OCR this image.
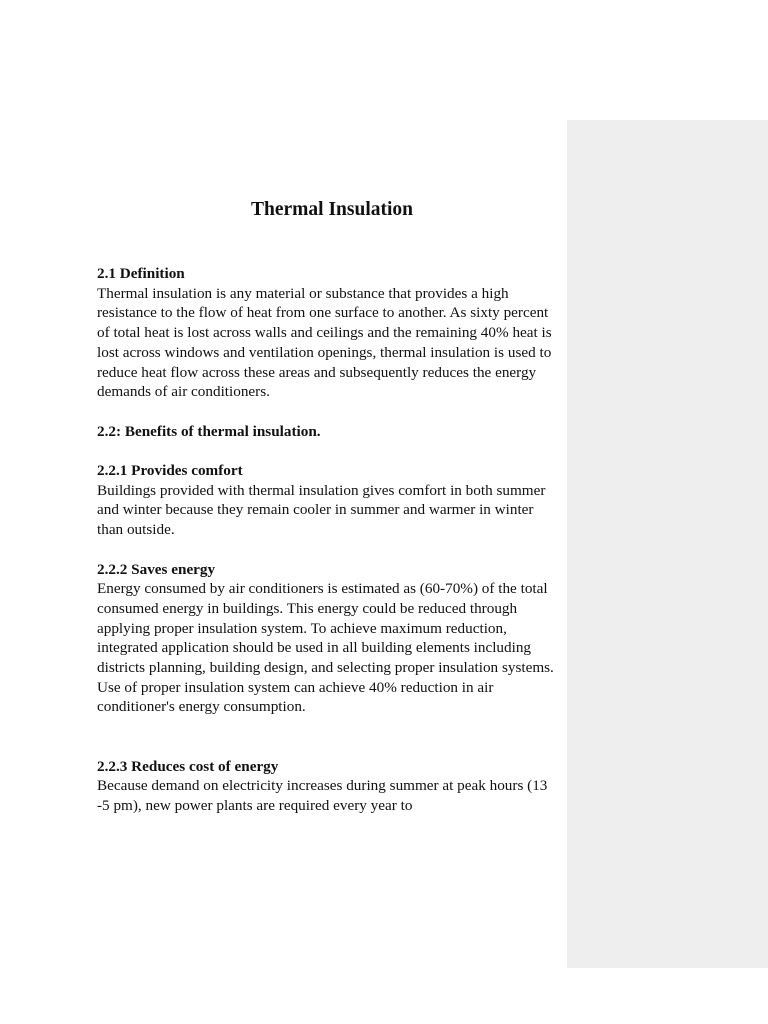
Thermal Insulation
2.1 Definition

Thermal insulation is any material or substance that provides a high resistance to the flow of heat from one surface to another. As sixty percent of total heat is lost across walls and ceilings and the remaining 40% heat is lost across windows and ventilation openings, thermal insulation is used to reduce heat flow across these areas and subsequently reduces the energy demands of air conditioners.

2.2: Benefits of thermal insulation.
2.2.1 Provides comfort

Buildings provided with thermal insulation gives comfort in both summer and winter because they remain cooler in summer and warmer in winter than outside.

2.2.2 Saves energy

Energy consumed by air conditioners is estimated as (60-70%) of the total consumed energy in buildings. This energy could be reduced through applying proper insulation system. To achieve maximum reduction, integrated application should be used in all building elements including districts planning, building design, and selecting proper insulation systems. Use of proper insulation system can achieve 40% reduction in air conditioner's energy consumption.

2.2.3 Reduces cost of energy

Because demand on electricity increases during summer at peak hours (13 -5 pm), new power plants are required every year to
